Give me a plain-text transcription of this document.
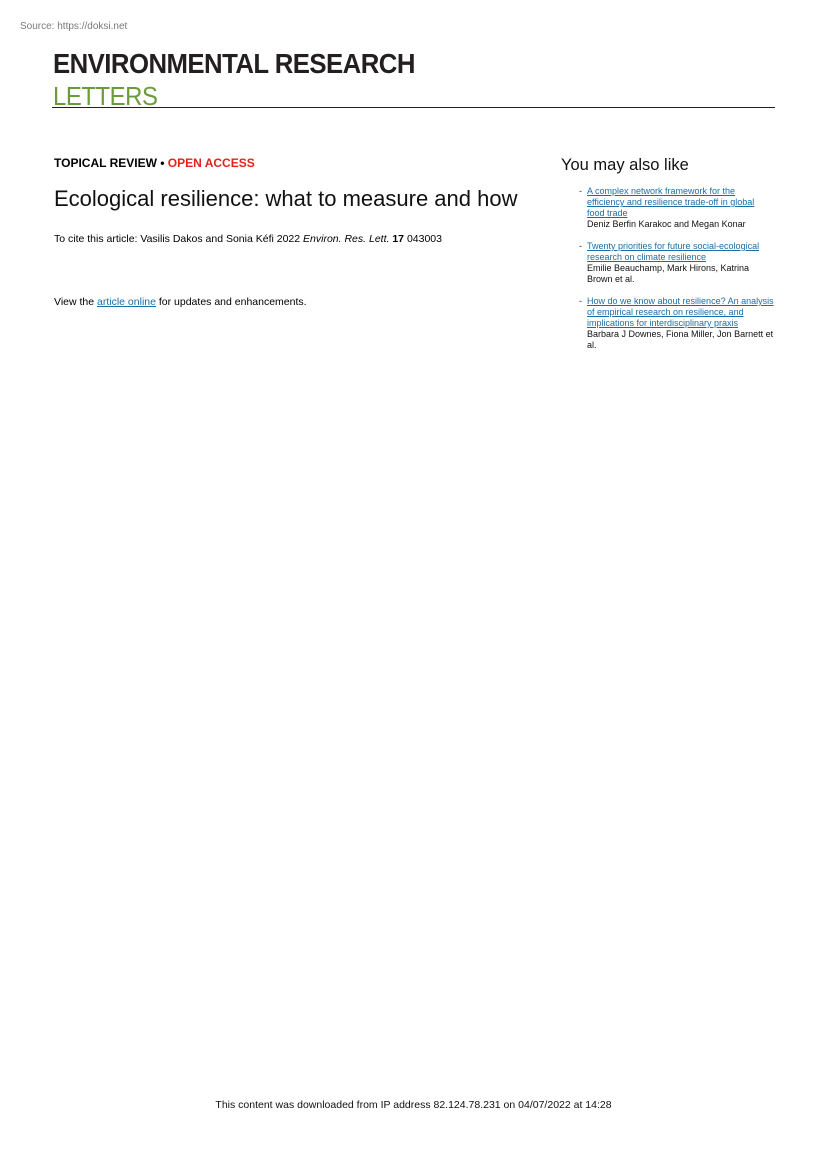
Source: https://doksi.net
ENVIRONMENTAL RESEARCH
LETTERS
TOPICAL REVIEW • OPEN ACCESS
Ecological resilience: what to measure and how
To cite this article: Vasilis Dakos and Sonia Kéfi 2022 Environ. Res. Lett. 17 043003
View the article online for updates and enhancements.
You may also like
- A complex network framework for the efficiency and resilience trade-off in global food trade
Deniz Berfin Karakoc and Megan Konar
- Twenty priorities for future social-ecological research on climate resilience
Emilie Beauchamp, Mark Hirons, Katrina Brown et al.
- How do we know about resilience? An analysis of empirical research on resilience, and implications for interdisciplinary praxis
Barbara J Downes, Fiona Miller, Jon Barnett et al.
This content was downloaded from IP address 82.124.78.231 on 04/07/2022 at 14:28
